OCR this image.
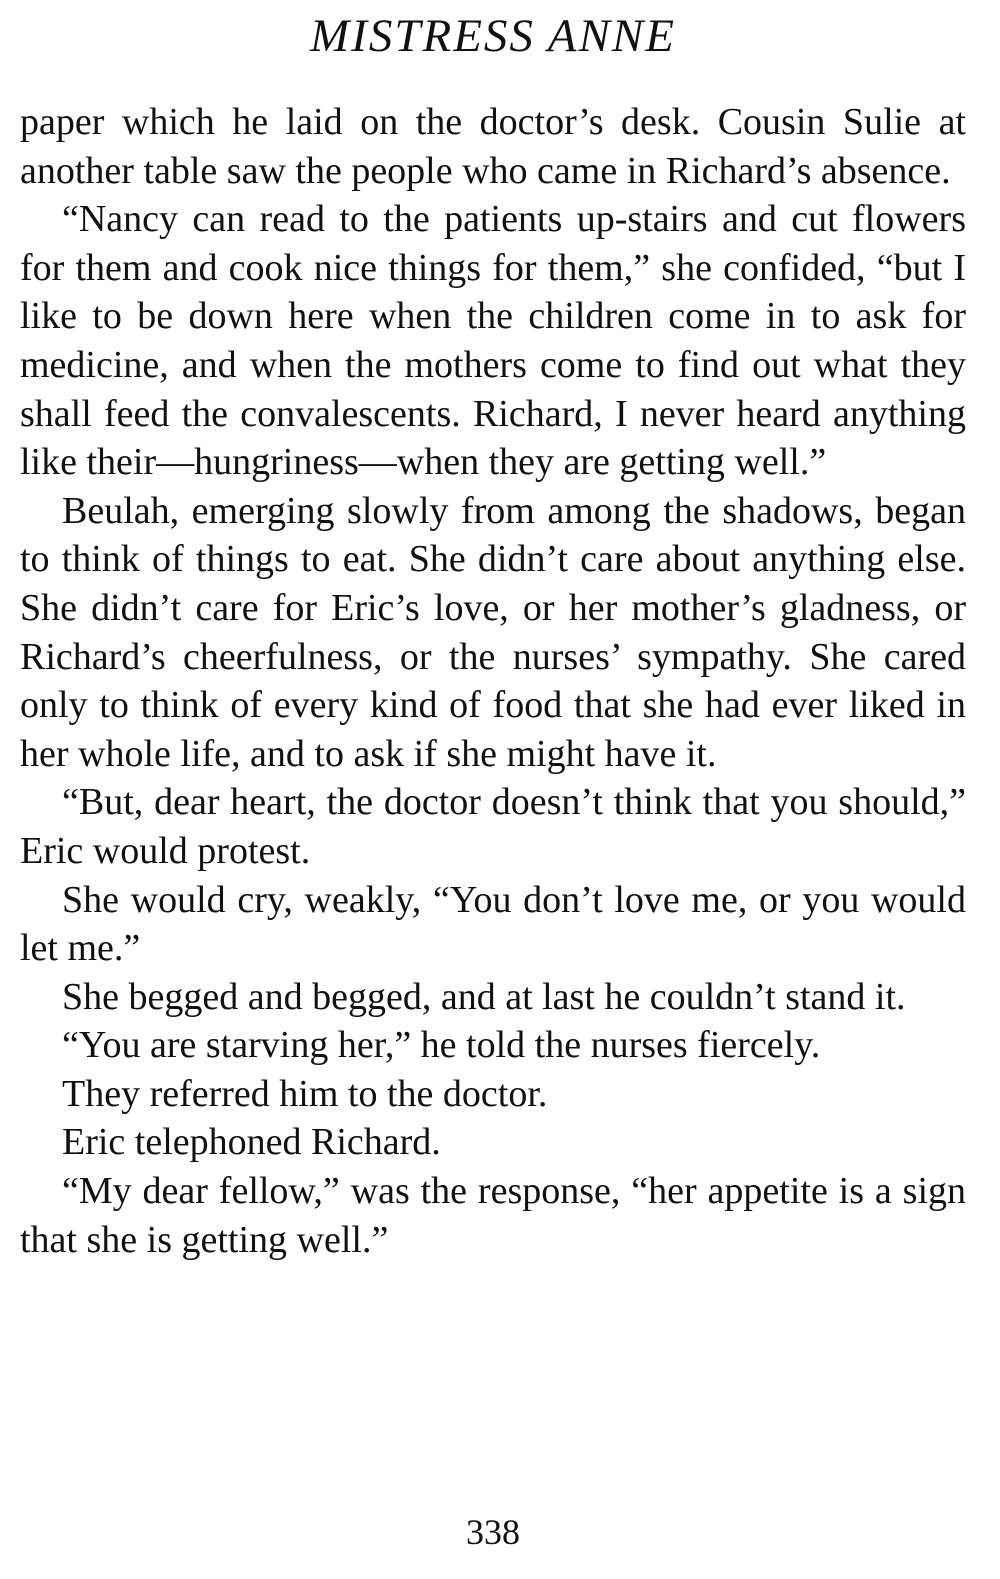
MISTRESS ANNE

paper which he laid on the doctor’s desk. Cousin Sulie at another table saw the people who came in Richard’s absence.

“Nancy can read to the patients up-stairs and cut flowers for them and cook nice things for them,” she confided, “but I like to be down here when the children come in to ask for medicine, and when the mothers come to find out what they shall feed the convalescents. Richard, I never heard anything like their—hungriness—when they are getting well.”

Beulah, emerging slowly from among the shadows, began to think of things to eat. She didn’t care about anything else. She didn’t care for Eric’s love, or her mother’s gladness, or Richard’s cheerfulness, or the nurses’ sympathy. She cared only to think of every kind of food that she had ever liked in her whole life, and to ask if she might have it.

“But, dear heart, the doctor doesn’t think that you should,” Eric would protest.

She would cry, weakly, “You don’t love me, or you would let me.”

She begged and begged, and at last he couldn’t stand it.

“You are starving her,” he told the nurses fiercely.

They referred him to the doctor.

Eric telephoned Richard.

“My dear fellow,” was the response, “her appetite is a sign that she is getting well.”

338
